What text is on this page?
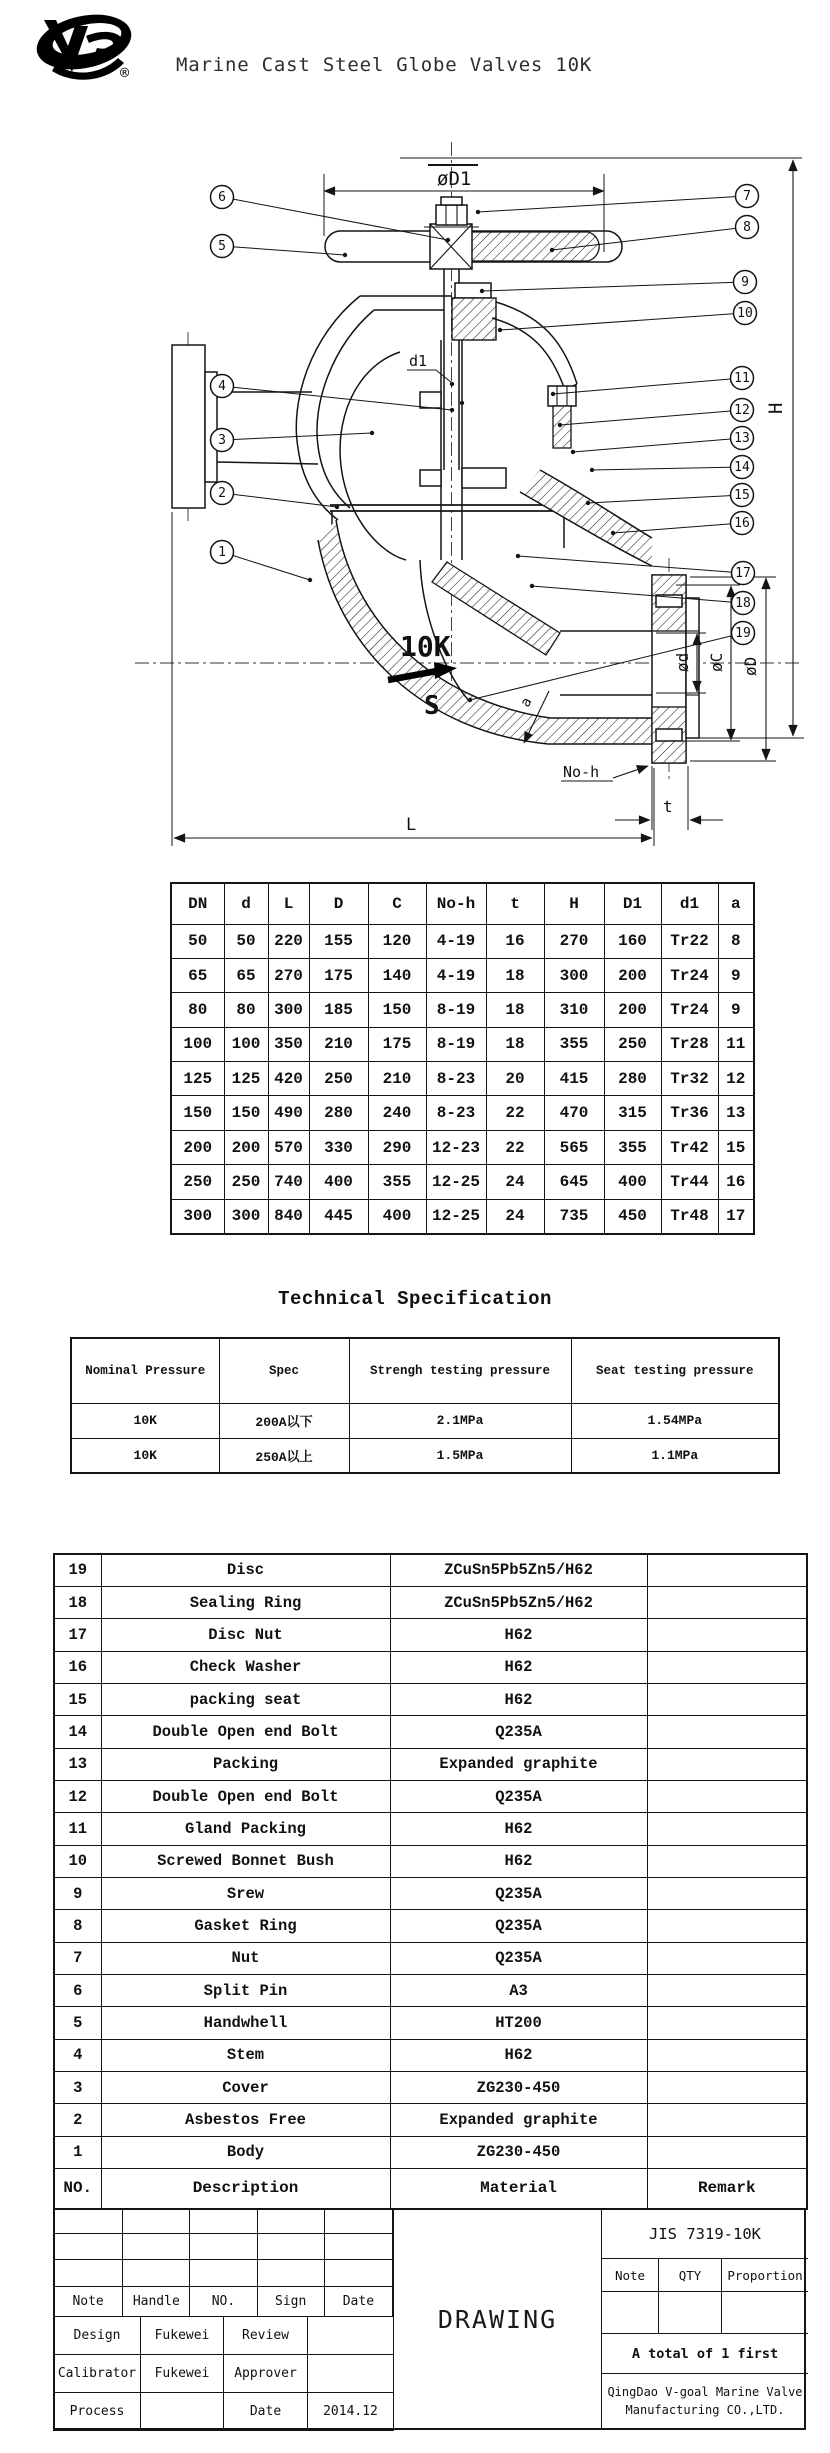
® Marine Cast Steel Globe Valves 10K
øD1
H
ød øC øD
t
L
No-h
d1
a
10K
S
1
2
3
4
5
6	7
8
9
10
11
12
13
14
15
16
17
18
19
DN	d	L	D	C	No-h	t	H	D1	d1	a
50	50	220	155	120	4-19	16	270	160	Tr22	8
65	65	270	175	140	4-19	18	300	200	Tr24	9
80	80	300	185	150	8-19	18	310	200	Tr24	9
100	100	350	210	175	8-19	18	355	250	Tr28	11
125	125	420	250	210	8-23	20	415	280	Tr32	12
150	150	490	280	240	8-23	22	470	315	Tr36	13
200	200	570	330	290	12-23	22	565	355	Tr42	15
250	250	740	400	355	12-25	24	645	400	Tr44	16
300	300	840	445	400	12-25	24	735	450	Tr48	17
Technical Specification
Nominal Pressure	Spec	Strengh testing pressure	Seat testing pressure
10K	200A以下	2.1MPa	1.54MPa
10K	250A以上	1.5MPa	1.1MPa
19	Disc	ZCuSn5Pb5Zn5/H62	
18	Sealing Ring	ZCuSn5Pb5Zn5/H62	
17	Disc Nut	H62	
16	Check Washer	H62	
15	packing seat	H62	
14	Double Open end Bolt	Q235A	
13	Packing	Expanded graphite	
12	Double Open end Bolt	Q235A	
11	Gland Packing	H62	
10	Screwed Bonnet Bush	H62	
9	Srew	Q235A	
8	Gasket Ring	Q235A	
7	Nut	Q235A	
6	Split Pin	A3	
5	Handwhell	HT200	
4	Stem	H62	
3	Cover	ZG230-450	
2	Asbestos Free	Expanded graphite	
1	Body	ZG230-450	
NO.	Description	Material	Remark

Note	Handle	NO.	Sign	Date
Design	Fukewei	Review	
Calibrator	Fukewei	Approver	
Process		Date	2014.12
DRAWING
JIS 7319-10K
Note	QTY	Proportion
A total of 1 first
QingDao V-goal Marine Valve
Manufacturing CO.,LTD.
